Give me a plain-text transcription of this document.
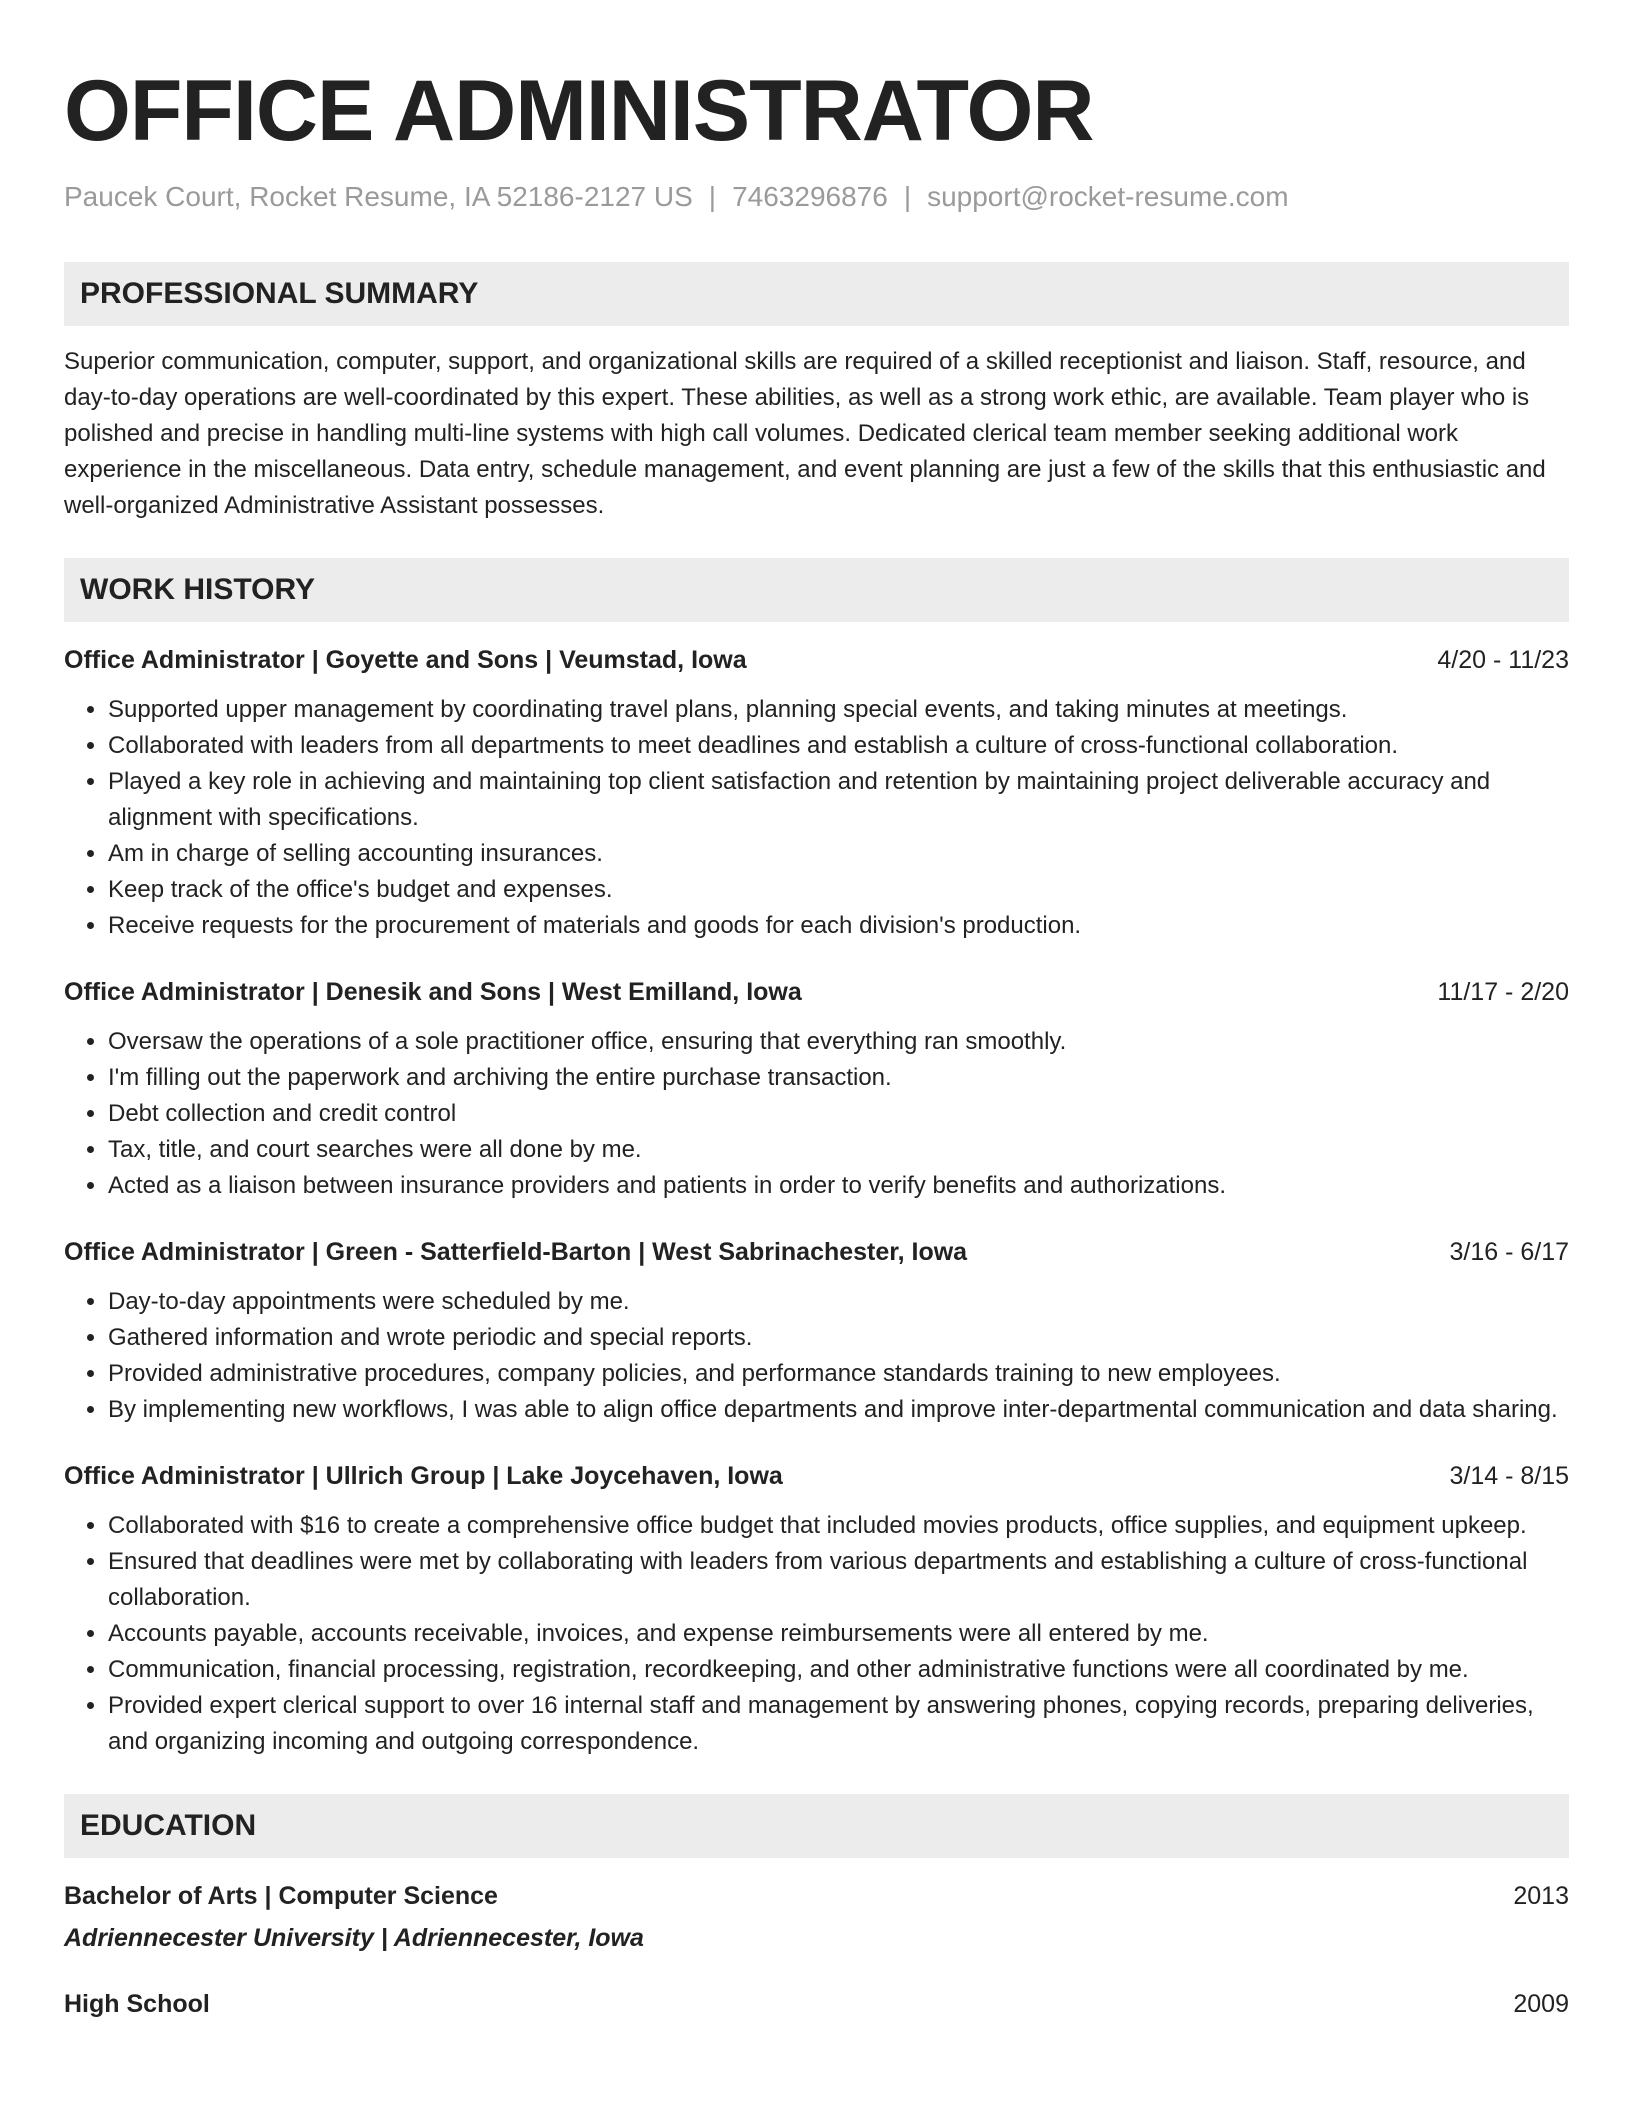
OFFICE ADMINISTRATOR
Paucek Court, Rocket Resume, IA 52186-2127 US | 7463296876 | support@rocket-resume.com
PROFESSIONAL SUMMARY

Superior communication, computer, support, and organizational skills are required of a skilled receptionist and liaison. Staff, resource, and day-to-day operations are well-coordinated by this expert. These abilities, as well as a strong work ethic, are available. Team player who is polished and precise in handling multi-line systems with high call volumes. Dedicated clerical team member seeking additional work experience in the miscellaneous. Data entry, schedule management, and event planning are just a few of the skills that this enthusiastic and well-organized Administrative Assistant possesses.

WORK HISTORY
Office Administrator | Goyette and Sons | Veumstad, Iowa	4/20 - 11/23
• Supported upper management by coordinating travel plans, planning special events, and taking minutes at meetings.
• Collaborated with leaders from all departments to meet deadlines and establish a culture of cross-functional collaboration.
• Played a key role in achieving and maintaining top client satisfaction and retention by maintaining project deliverable accuracy and alignment with specifications.
• Am in charge of selling accounting insurances.
• Keep track of the office's budget and expenses.
• Receive requests for the procurement of materials and goods for each division's production.
Office Administrator | Denesik and Sons | West Emilland, Iowa	11/17 - 2/20
• Oversaw the operations of a sole practitioner office, ensuring that everything ran smoothly.
• I'm filling out the paperwork and archiving the entire purchase transaction.
• Debt collection and credit control
• Tax, title, and court searches were all done by me.
• Acted as a liaison between insurance providers and patients in order to verify benefits and authorizations.
Office Administrator | Green - Satterfield-Barton | West Sabrinachester, Iowa	3/16 - 6/17
• Day-to-day appointments were scheduled by me.
• Gathered information and wrote periodic and special reports.
• Provided administrative procedures, company policies, and performance standards training to new employees.
• By implementing new workflows, I was able to align office departments and improve inter-departmental communication and data sharing.
Office Administrator | Ullrich Group | Lake Joycehaven, Iowa	3/14 - 8/15
• Collaborated with $16 to create a comprehensive office budget that included movies products, office supplies, and equipment upkeep.
• Ensured that deadlines were met by collaborating with leaders from various departments and establishing a culture of cross-functional collaboration.
• Accounts payable, accounts receivable, invoices, and expense reimbursements were all entered by me.
• Communication, financial processing, registration, recordkeeping, and other administrative functions were all coordinated by me.
• Provided expert clerical support to over 16 internal staff and management by answering phones, copying records, preparing deliveries, and organizing incoming and outgoing correspondence.
EDUCATION
Bachelor of Arts | Computer Science	2013
Adriennecester University | Adriennecester, Iowa
High School	2009
